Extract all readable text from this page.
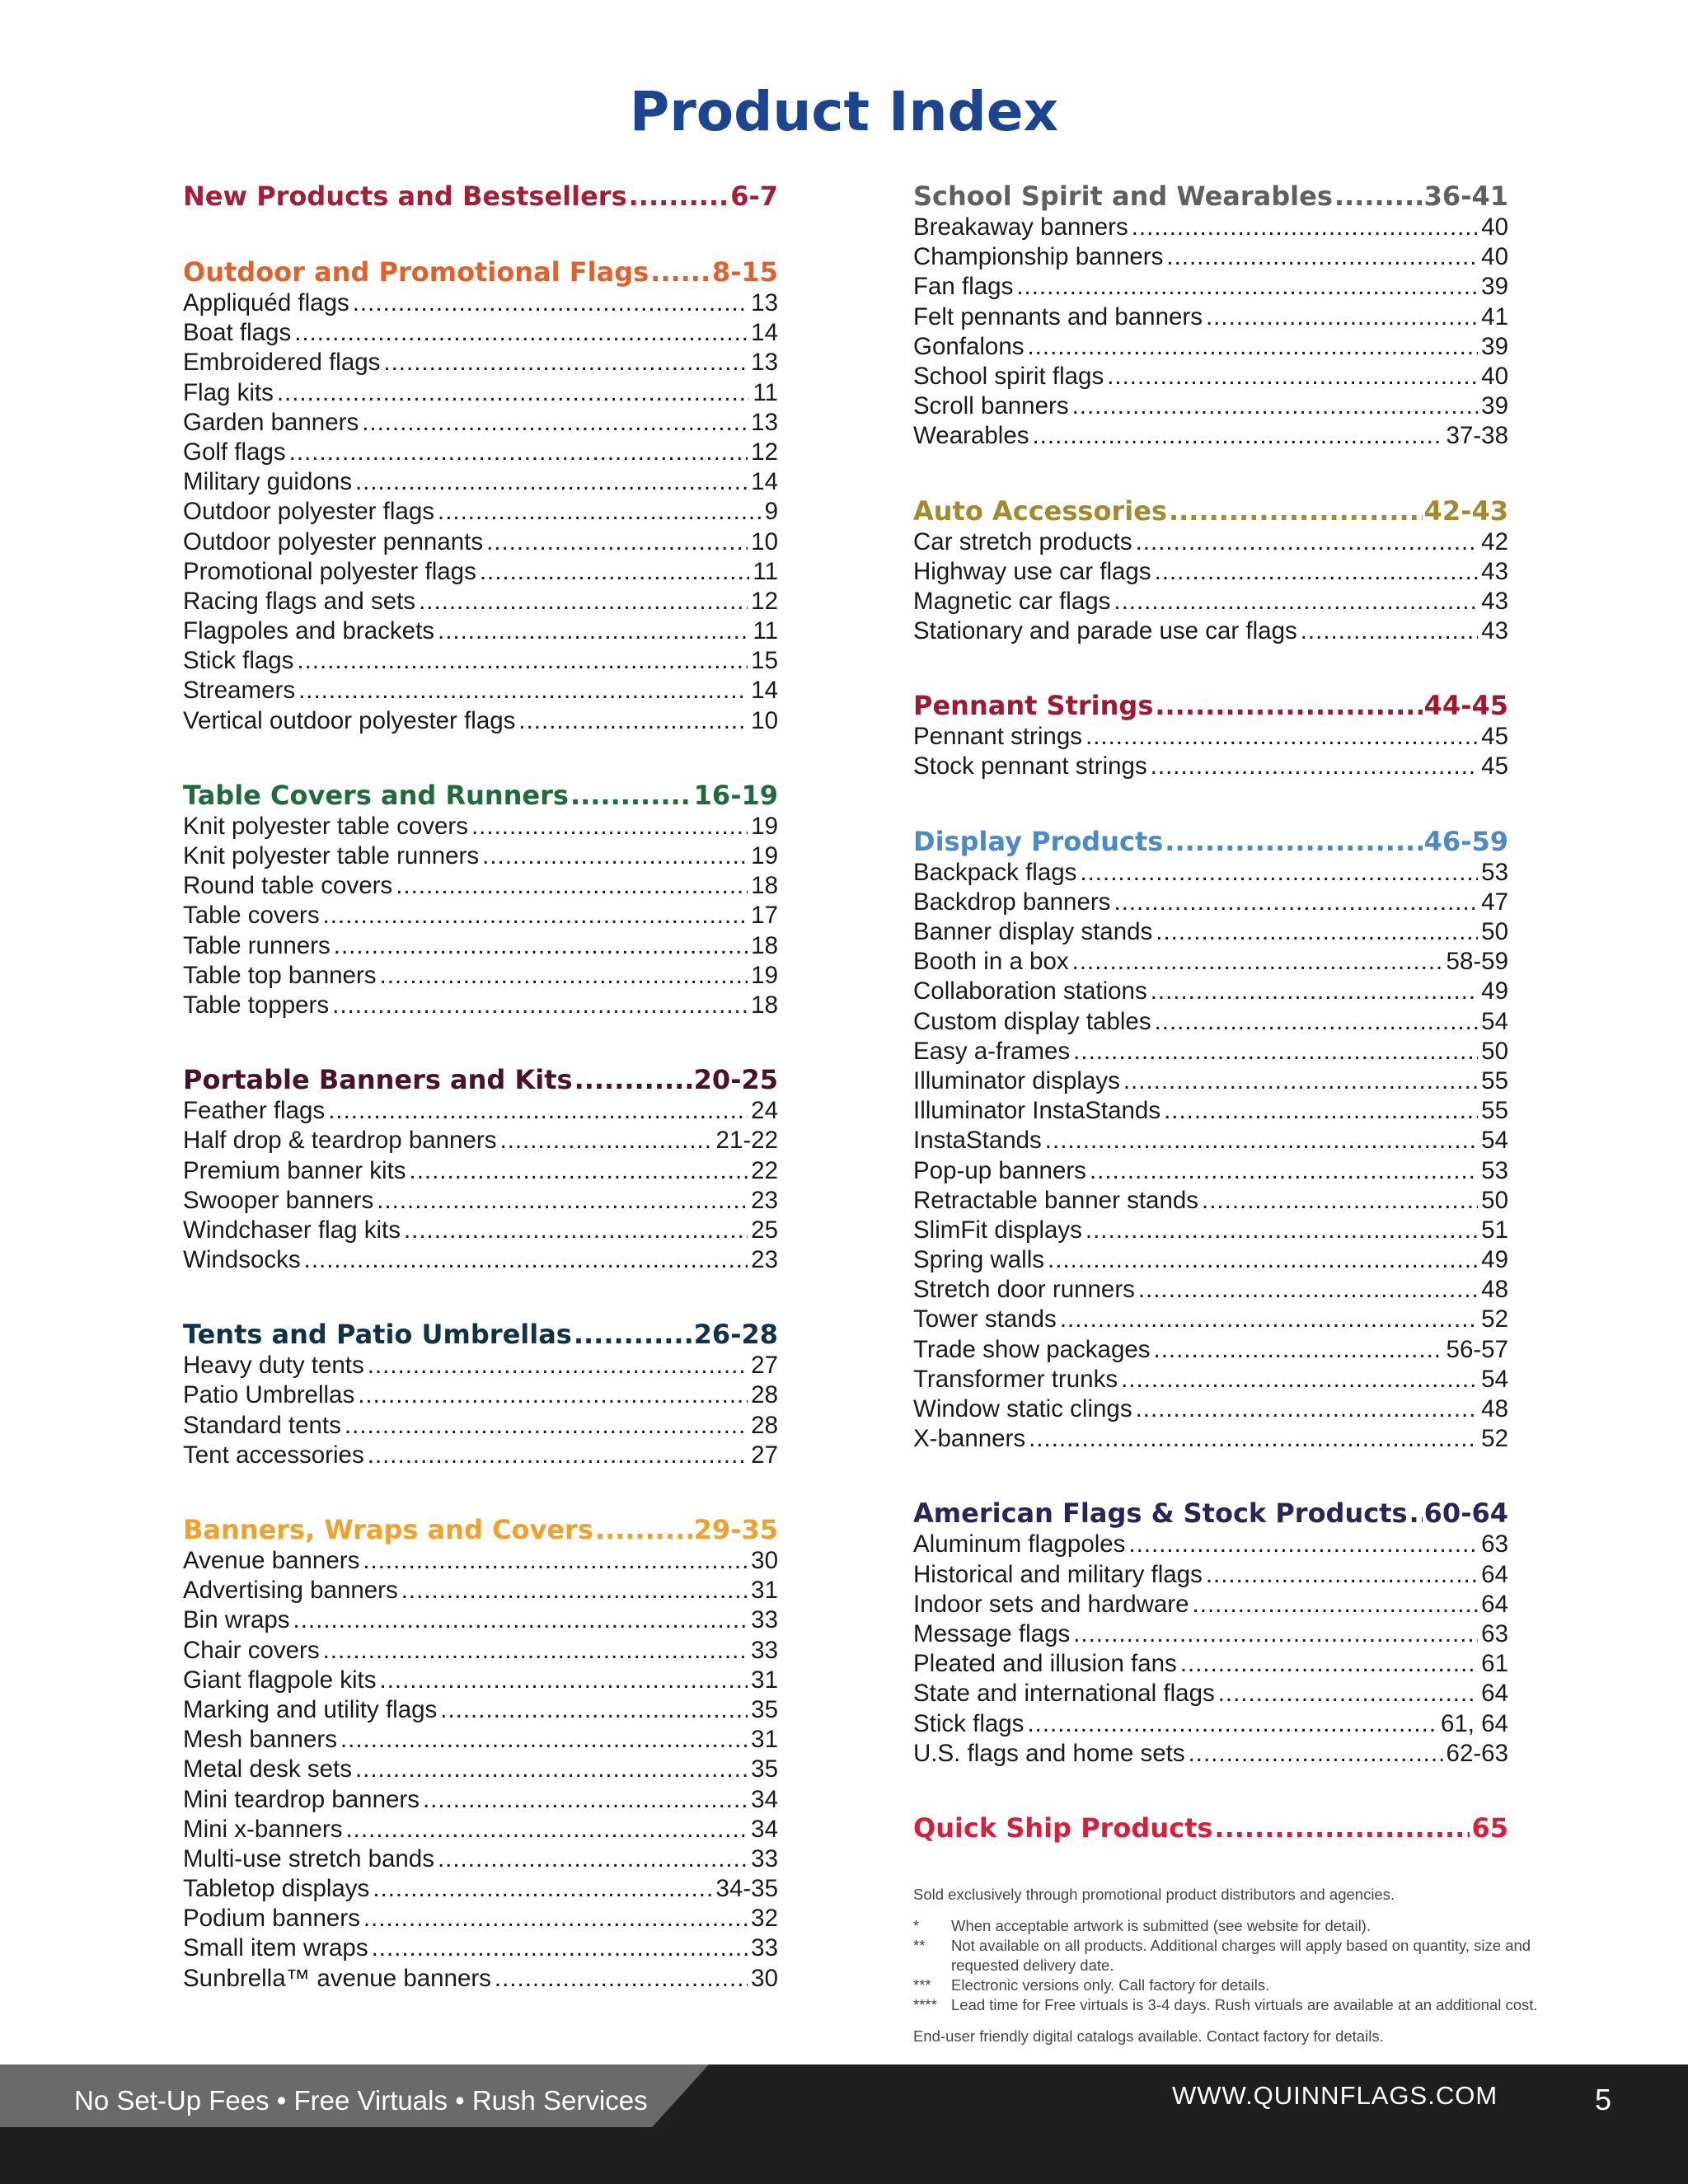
Product Index
New Products and Bestsellers .....	6-7
Outdoor and Promotional Flags ..... 8-15
Appliquéd flags .....	13
Boat flags .....	14
Embroidered flags .....	13
Flag kits .....	11
Garden banners .....	13
Golf flags .....	12
Military guidons .....	14
Outdoor polyester flags .....	9
Outdoor polyester pennants .....	10
Promotional polyester flags .....	11
Racing flags and sets .....	12
Flagpoles and brackets .....	11
Stick flags .....	15
Streamers .....	14
Vertical outdoor polyester flags .....	10
Table Covers and Runners .....	16-19
Knit polyester table covers .....	19
Knit polyester table runners .....	19
Round table covers .....	18
Table covers .....	17
Table runners .....	18
Table top banners .....	19
Table toppers .....	18
Portable Banners and Kits .....	20-25
Feather flags .....	24
Half drop & teardrop banners .....	21-22
Premium banner kits .....	22
Swooper banners .....	23
Windchaser flag kits .....	25
Windsocks .....	23
Tents and Patio Umbrellas .....	26-28
Heavy duty tents .....	27
Patio Umbrellas .....	28
Standard tents .....	28
Tent accessories .....	27
Banners, Wraps and Covers .....	29-35
Avenue banners .....	30
Advertising banners .....	31
Bin wraps .....	33
Chair covers .....	33
Giant flagpole kits .....	31
Marking and utility flags .....	35
Mesh banners .....	31
Metal desk sets .....	35
Mini teardrop banners .....	34
Mini x-banners .....	34
Multi-use stretch bands .....	33
Tabletop displays .....	34-35
Podium banners .....	32
Small item wraps .....	33
Sunbrella™ avenue banners .....	30
School Spirit and Wearables .....	36-41
Breakaway banners .....	40
Championship banners .....	40
Fan flags .....	39
Felt pennants and banners .....	41
Gonfalons .....	39
School spirit flags .....	40
Scroll banners .....	39
Wearables .....	37-38
Auto Accessories .....	42-43
Car stretch products .....	42
Highway use car flags .....	43
Magnetic car flags .....	43
Stationary and parade use car flags .....	43
Pennant Strings .....	44-45
Pennant strings .....	45
Stock pennant strings .....	45
Display Products .....	46-59
Backpack flags .....	53
Backdrop banners .....	47
Banner display stands .....	50
Booth in a box .....	58-59
Collaboration stations .....	49
Custom display tables .....	54
Easy a-frames .....	50
Illuminator displays .....	55
Illuminator InstaStands .....	55
InstaStands .....	54
Pop-up banners .....	53
Retractable banner stands .....	50
SlimFit displays .....	51
Spring walls .....	49
Stretch door runners .....	48
Tower stands .....	52
Trade show packages .....	56-57
Transformer trunks .....	54
Window static clings .....	48
X-banners .....	52
American Flags & Stock Products ..... 60-64
Aluminum flagpoles .....	63
Historical and military flags .....	64
Indoor sets and hardware .....	64
Message flags .....	63
Pleated and illusion fans .....	61
State and international flags .....	64
Stick flags .....	61, 64
U.S. flags and home sets .....	62-63
Quick Ship Products .....	65
Sold exclusively through promotional product distributors and agencies.
*	When acceptable artwork is submitted (see website for detail).
**	Not available on all products. Additional charges will apply based on quantity, size and requested delivery date.
***	Electronic versions only. Call factory for details.
**** Lead time for Free virtuals is 3-4 days. Rush virtuals are available at an additional cost.
End-user friendly digital catalogs available. Contact factory for details.
No Set-Up Fees • Free Virtuals • Rush Services	WWW.QUINNFLAGS.COM	5
